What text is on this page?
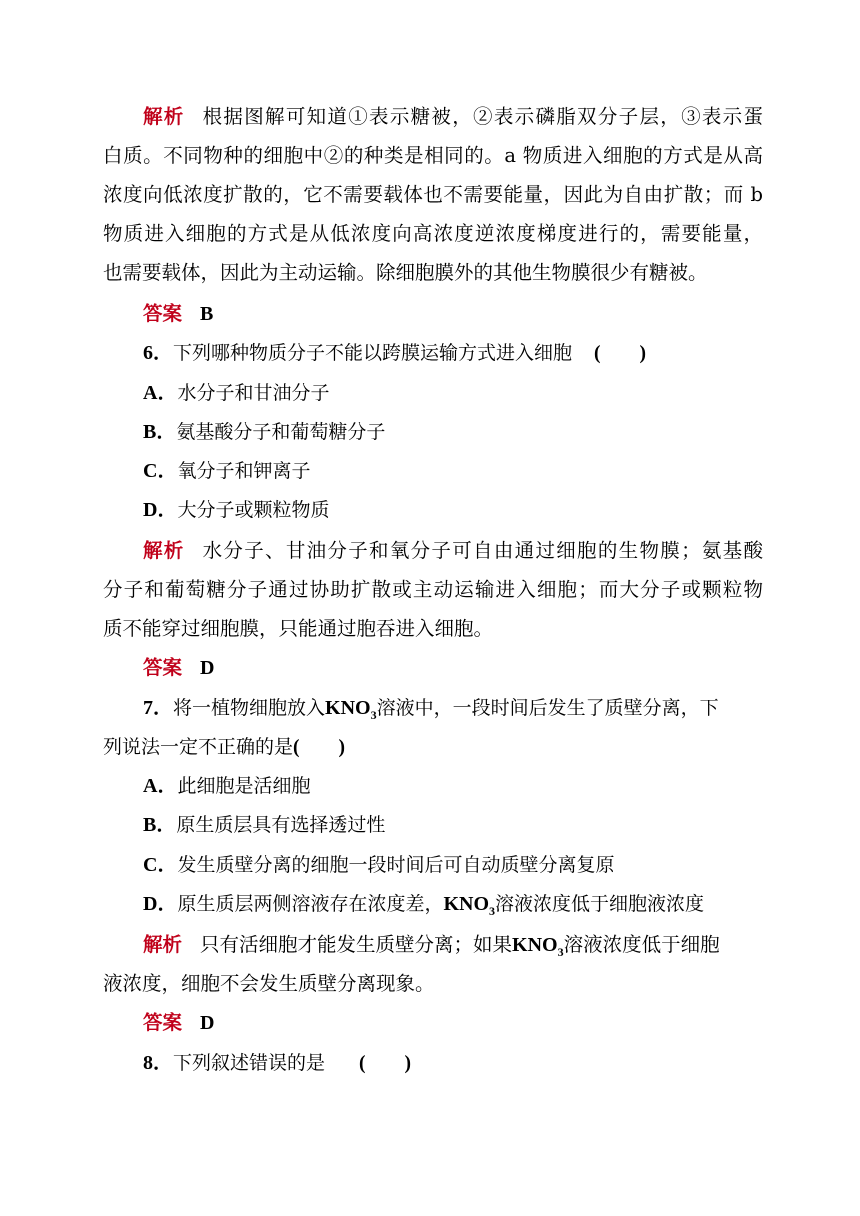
解析 根据图解可知道①表示糖被，②表示磷脂双分子层，③表示蛋
白质。不同物种的细胞中②的种类是相同的。a 物质进入细胞的方式是从高
浓度向低浓度扩散的，它不需要载体也不需要能量，因此为自由扩散；而 b
物质进入细胞的方式是从低浓度向高浓度逆浓度梯度进行的，需要能量，
也需要载体，因此为主动运输。除细胞膜外的其他生物膜很少有糖被。
答案 B
6．下列哪种物质分子不能以跨膜运输方式进入细胞 (　　)
A．水分子和甘油分子
B．氨基酸分子和葡萄糖分子
C．氧分子和钾离子
D．大分子或颗粒物质
解析 水分子、甘油分子和氧分子可自由通过细胞的生物膜；氨基酸
分子和葡萄糖分子通过协助扩散或主动运输进入细胞；而大分子或颗粒物
质不能穿过细胞膜，只能通过胞吞进入细胞。
答案 D
7．将一植物细胞放入$KNO_3$溶液中，一段时间后发生了质壁分离，下
列说法一定不正确的是(　　)
A．此细胞是活细胞
B．原生质层具有选择透过性
C．发生质壁分离的细胞一段时间后可自动质壁分离复原
D．原生质层两侧溶液存在浓度差，$KNO_3$溶液浓度低于细胞液浓度
解析 只有活细胞才能发生质壁分离；如果$KNO_3$溶液浓度低于细胞
液浓度，细胞不会发生质壁分离现象。
答案 D
8．下列叙述错误的是 (　　)
